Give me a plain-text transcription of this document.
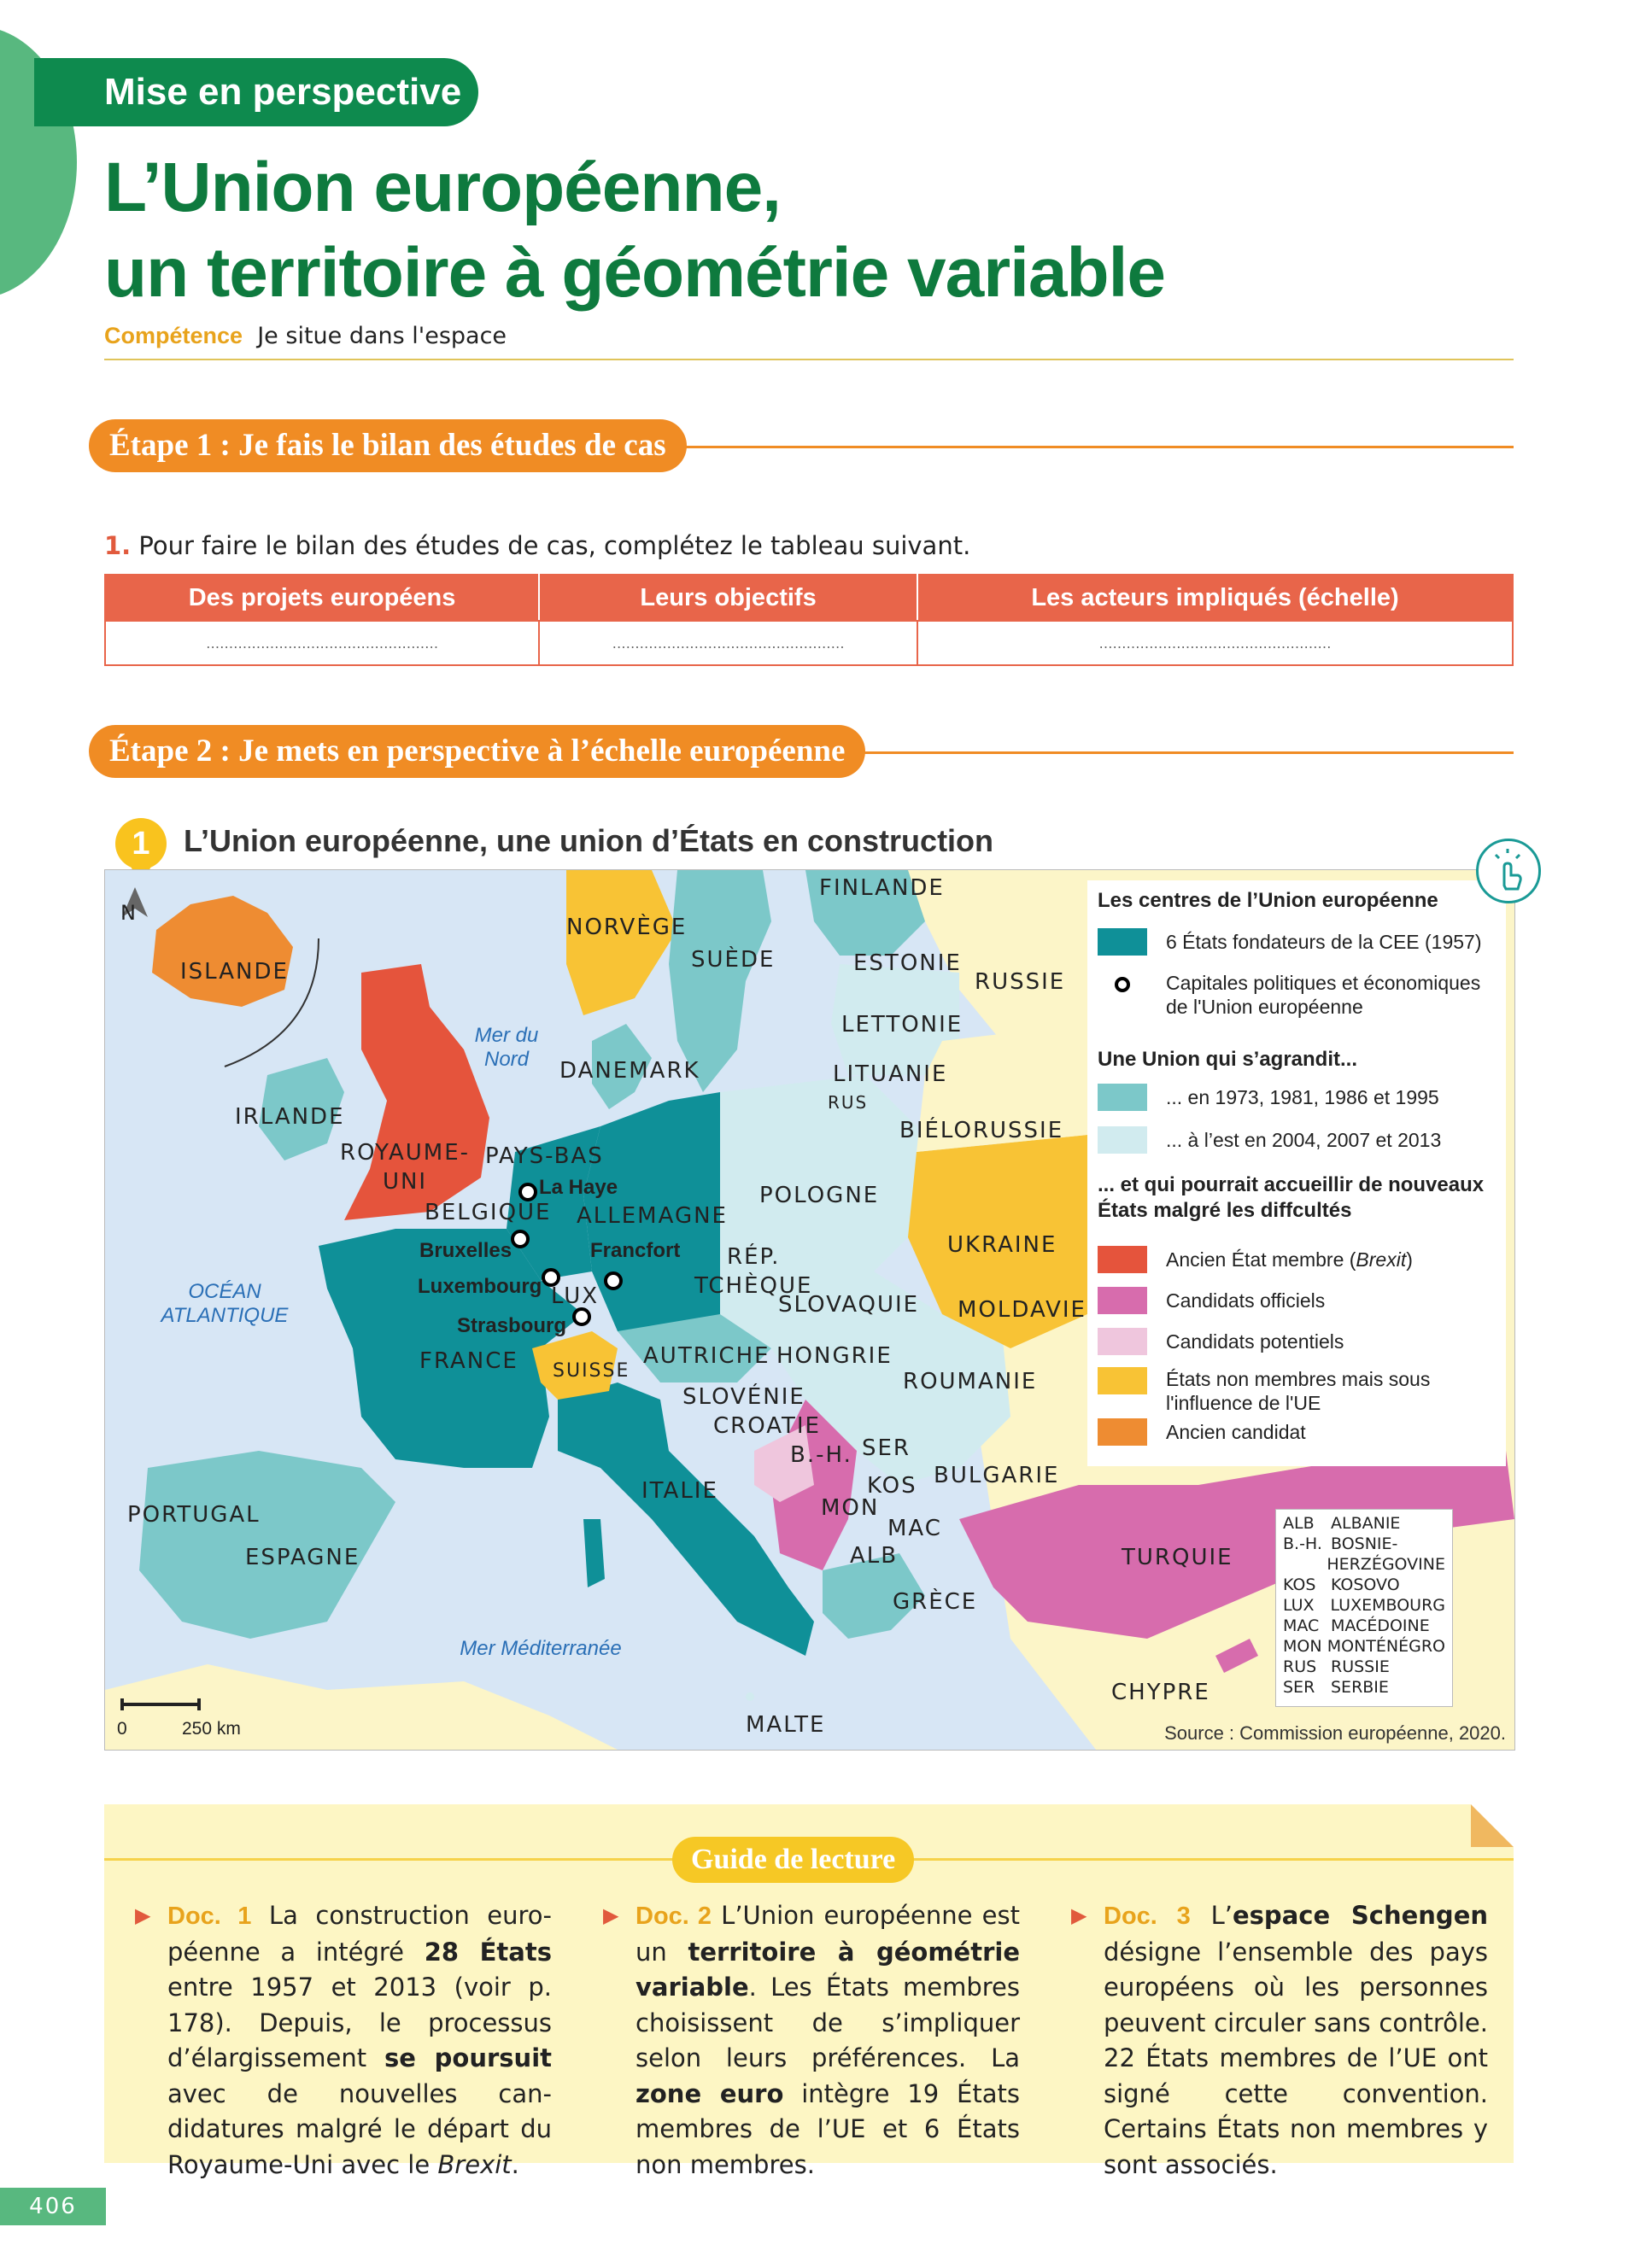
Mise en perspective
L’Union européenne,
un territoire à géométrie variable
Compétence Je situe dans l'espace
Étape 1 : Je fais le bilan des études de cas
1. Pour faire le bilan des études de cas, complétez le tableau suivant.
Des projets européens	Leurs objectifs	Les acteurs impliqués (échelle)
……………………………………………	……………………………………………	……………………………………………
Étape 2 : Je mets en perspective à l’échelle européenne
1	L’Union européenne, une union d’États en construction
N
Mer du
Nord
OCÉAN
ATLANTIQUE
Mer Méditerranée
ISLANDE
NORVÈGE
SUÈDE
FINLANDE
ESTONIE
RUSSIE
LETTONIE
LITUANIE
RUS
BIÉLORUSSIE
DANEMARK
IRLANDE
ROYAUME-
UNI
PAYS-BAS
BELGIQUE ALLEMAGNE
POLOGNE
UKRAINE
RÉP.
TCHÈQUE
SLOVAQUIE MOLDAVIE
LUX
FRANCE SUISSE
AUTRICHE HONGRIE
ROUMANIE
SLOVÉNIE
CROATIE
B.-H. SER
KOS BULGARIE
MON
MAC
ALB
ITALIE
PORTUGAL
ESPAGNE
GRÈCE
TURQUIE
CHYPRE
MALTE
La Haye
Bruxelles	Francfort
Luxembourg
Strasbourg
Les centres de l’Union européenne
6 États fondateurs de la CEE (1957)
Capitales politiques et économiques de l'Union européenne
Une Union qui s’agrandit...
... en 1973, 1981, 1986 et 1995
... à l’est en 2004, 2007 et 2013
... et qui pourrait accueillir de nouveaux États malgré les diffcultés
Ancien État membre (Brexit)
Candidats officiels
Candidats potentiels
États non membres mais sous l'influence de l'UE
Ancien candidat
ALB	ALBANIE
B.-H. BOSNIE-
HERZÉGOVINE
KOS KOSOVO
LUX LUXEMBOURG
MAC MACÉDOINE
MON MONTÉNÉGRO
RUS RUSSIE
SER SERBIE
0	250 km	Source : Commission européenne, 2020.
Guide de lecture
▶ Doc. 1 La construction européenne a intégré 28 États entre 1957 et 2013 (voir p. 178). Depuis, le processus d’élargissement se poursuit avec de nouvelles candidatures malgré le départ du Royaume-Uni avec le Brexit.
▶ Doc. 2 L’Union européenne est un territoire à géométrie variable. Les États membres choisissent de s’impliquer selon leurs préférences. La zone euro intègre 19 États membres de l’UE et 6 États non membres.
▶ Doc. 3 L’espace Schengen désigne l’ensemble des pays européens où les personnes peuvent circuler sans contrôle. 22 États membres de l’UE ont signé cette convention. Certains États non membres y sont associés.
406
